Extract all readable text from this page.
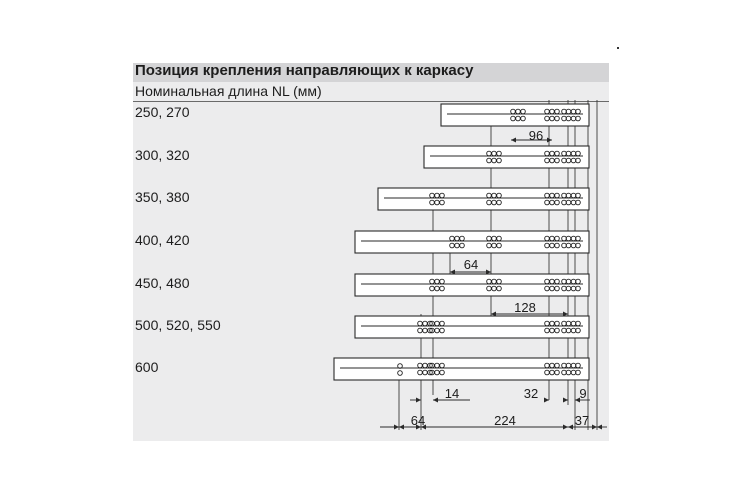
Позиция крепления направляющих к каркасу
Номинальная длина NL (мм)
250, 270
300, 320
350, 380
400, 420
450, 480
500, 520, 550
600
96
64
128
14	32	9
64	224	37
